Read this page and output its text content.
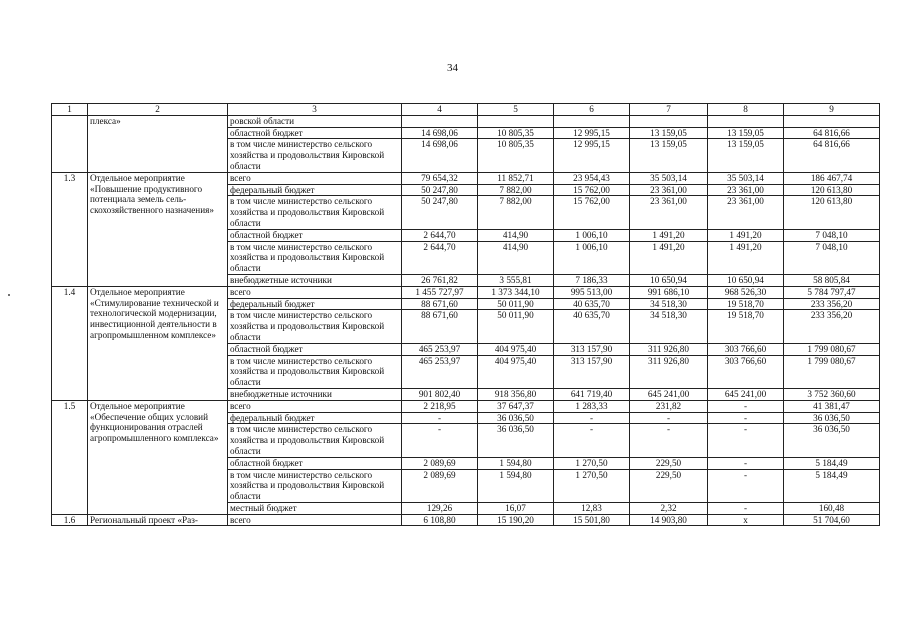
34
1	2	3	4	5	6	7	8	9
	плекса»	ровской области						
		областной бюджет	14 698,06	10 805,35	12 995,15	13 159,05	13 159,05	64 816,66
		в том числе министерство сельского хозяйства и продовольствия Кировской области	14 698,06	10 805,35	12 995,15	13 159,05	13 159,05	64 816,66
1.3	Отдельное мероприятие «Повышение продуктивного потенциала земель сельскохозяйственного назначения»	всего	79 654,32	11 852,71	23 954,43	35 503,14	35 503,14	186 467,74
		федеральный бюджет	50 247,80	7 882,00	15 762,00	23 361,00	23 361,00	120 613,80
		в том числе министерство сельского хозяйства и продовольствия Кировской области	50 247,80	7 882,00	15 762,00	23 361,00	23 361,00	120 613,80
		областной бюджет	2 644,70	414,90	1 006,10	1 491,20	1 491,20	7 048,10
		в том числе министерство сельского хозяйства и продовольствия Кировской области	2 644,70	414,90	1 006,10	1 491,20	1 491,20	7 048,10
		внебюджетные источники	26 761,82	3 555,81	7 186,33	10 650,94	10 650,94	58 805,84
1.4	Отдельное мероприятие «Стимулирование технической и технологической модернизации, инвестиционной деятельности в агропромышленном комплексе»	всего	1 455 727,97	1 373 344,10	995 513,00	991 686,10	968 526,30	5 784 797,47
		федеральный бюджет	88 671,60	50 011,90	40 635,70	34 518,30	19 518,70	233 356,20
		в том числе министерство сельского хозяйства и продовольствия Кировской области	88 671,60	50 011,90	40 635,70	34 518,30	19 518,70	233 356,20
		областной бюджет	465 253,97	404 975,40	313 157,90	311 926,80	303 766,60	1 799 080,67
		в том числе министерство сельского хозяйства и продовольствия Кировской области	465 253,97	404 975,40	313 157,90	311 926,80	303 766,60	1 799 080,67
		внебюджетные источники	901 802,40	918 356,80	641 719,40	645 241,00	645 241,00	3 752 360,60
1.5	Отдельное мероприятие «Обеспечение общих условий функционирования отраслей агропромышленного комплекса»	всего	2 218,95	37 647,37	1 283,33	231,82	-	41 381,47
		федеральный бюджет	-	36 036,50	-	-	-	36 036,50
		в том числе министерство сельского хозяйства и продовольствия Кировской области	-	36 036,50	-	-	-	36 036,50
		областной бюджет	2 089,69	1 594,80	1 270,50	229,50	-	5 184,49
		в том числе министерство сельского хозяйства и продовольствия Кировской области	2 089,69	1 594,80	1 270,50	229,50	-	5 184,49
		местный бюджет	129,26	16,07	12,83	2,32	-	160,48
1.6	Региональный проект «Раз-	всего	6 108,80	15 190,20	15 501,80	14 903,80	x	51 704,60
